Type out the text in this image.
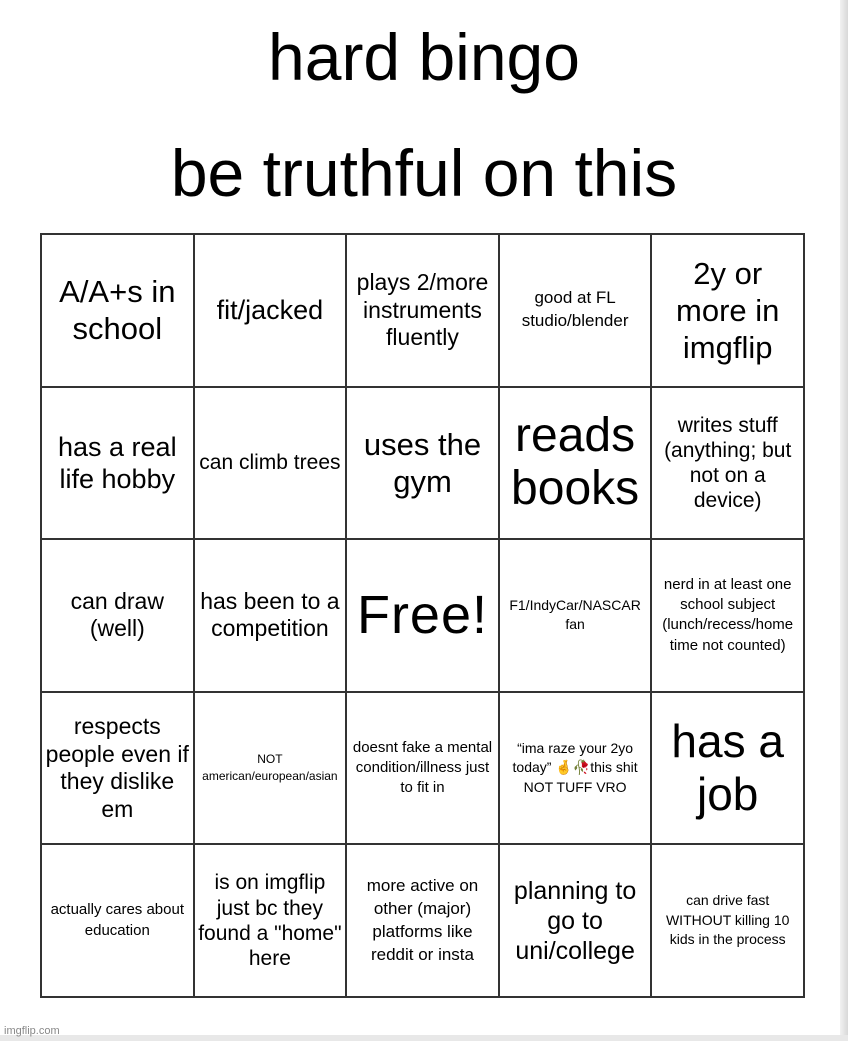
hard bingo
be truthful on this
A/A+s in school
fit/jacked
plays 2/more instruments fluently
good at FL studio/blender
2y or more in imgflip
has a real life hobby
can climb trees
uses the gym
reads books
writes stuff (anything; but not on a device)
can draw (well)
has been to a competition Free!	F1/IndyCar/NASCAR fan
nerd in at least one school subject (lunch/recess/home time not counted)
respects people even if they dislike em
NOT american/european/asian
doesnt fake a mental condition/illness just to fit in
“ima raze your 2yo today” 🤞🥀this shit NOT TUFF VRO
has a job
actually cares about education
is on imgflip just bc they found a "home" here
more active on other (major) platforms like reddit or insta
planning to go to uni/college
can drive fast WITHOUT killing 10 kids in the process
imgflip.com
